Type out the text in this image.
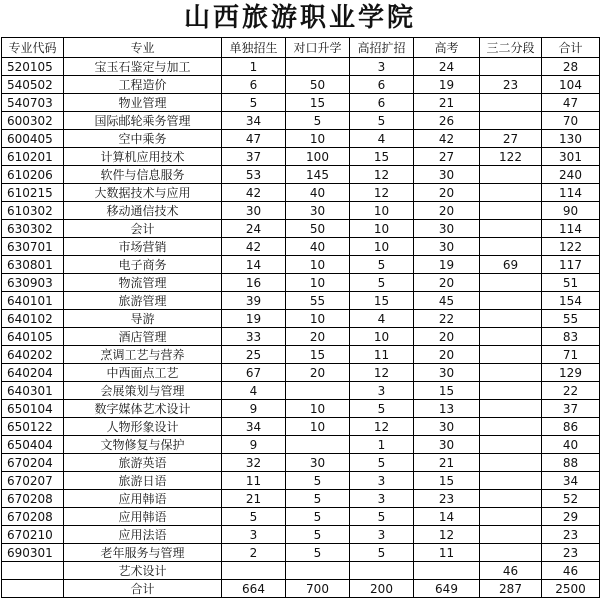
山西旅游职业学院
专业代码	专业	单独招生	对口升学	高招扩招	高考	三二分段	合计
520105	宝玉石鉴定与加工	1		3	24		28
540502	工程造价	6	50	6	19	23	104
540703	物业管理	5	15	6	21		47
600302	国际邮轮乘务管理	34	5	5	26		70
600405	空中乘务	47	10	4	42	27	130
610201	计算机应用技术	37	100	15	27	122	301
610206	软件与信息服务	53	145	12	30		240
610215	大数据技术与应用	42	40	12	20		114
610302	移动通信技术	30	30	10	20		90
630302	会计	24	50	10	30		114
630701	市场营销	42	40	10	30		122
630801	电子商务	14	10	5	19	69	117
630903	物流管理	16	10	5	20		51
640101	旅游管理	39	55	15	45		154
640102	导游	19	10	4	22		55
640105	酒店管理	33	20	10	20		83
640202	烹调工艺与营养	25	15	11	20		71
640204	中西面点工艺	67	20	12	30		129
640301	会展策划与管理	4		3	15		22
650104	数字媒体艺术设计	9	10	5	13		37
650122	人物形象设计	34	10	12	30		86
650404	文物修复与保护	9		1	30		40
670204	旅游英语	32	30	5	21		88
670207	旅游日语	11	5	3	15		34
670208	应用韩语	21	5	3	23		52
670208	应用韩语	5	5	5	14		29
670210	应用法语	3	5	3	12		23
690301	老年服务与管理	2	5	5	11		23
	艺术设计					46	46
	合计	664	700	200	649	287	2500
